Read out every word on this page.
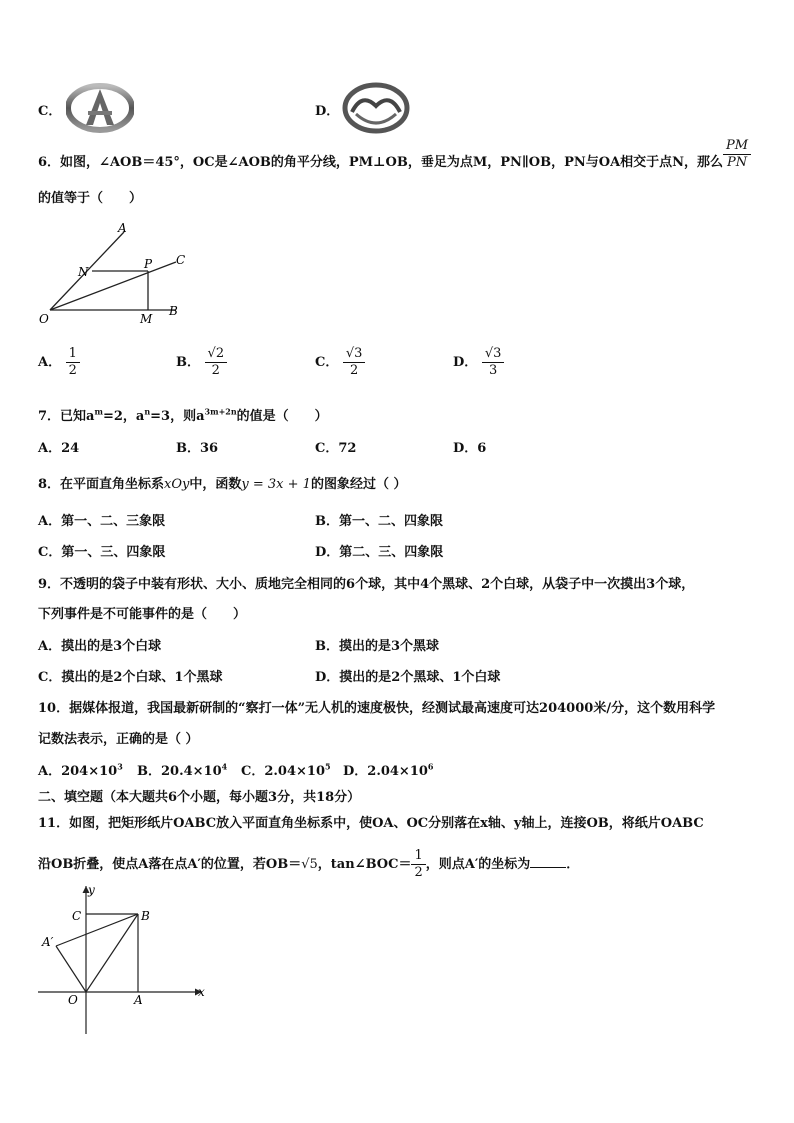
C．	D．
6．如图，∠AOB＝45°，OC是∠AOB的角平分线，PM⊥OB，垂足为点M，PN∥OB，PN与OA相交于点N，那么 $\frac{PM}{PN}$
的值等于（　　）
A
N
P C
O	M
B
A． $\frac{1}{2}$	B． $\frac{√2}{2}$	C． $\frac{√3}{2}$	D． $\frac{√3}{3}$
7．已知$a^m=2$，$a^n=3$，则$a^{3m+2n}$的值是（　　）
A．24	B．36	C．72	D．6
8．在平面直角坐标系xOy中，函数y = 3x + 1的图象经过（ ）
A．第一、二、三象限	B．第一、二、四象限
C．第一、三、四象限	D．第二、三、四象限
9．不透明的袋子中装有形状、大小、质地完全相同的6个球，其中4个黑球、2个白球，从袋子中一次摸出3个球，
下列事件是不可能事件的是（　　）
A．摸出的是3个白球	B．摸出的是3个黑球
C．摸出的是2个白球、1个黑球	D．摸出的是2个黑球、1个白球
10．据媒体报道，我国最新研制的“察打一体”无人机的速度极快，经测试最高速度可达204000米/分，这个数用科学
记数法表示，正确的是（ ）
A．$204\times 10^3$ B．$20.4\times 10^4$ C．$2.04\times 10^5$ D．$2.04\times 10^6$
二、填空题（本大题共6个小题，每小题3分，共18分）
11．如图，把矩形纸片OABC放入平面直角坐标系中，使OA、OC分别落在x轴、y轴上，连接OB，将纸片OABC
沿OB折叠，使点A落在点A′的位置，若OB＝√5，tan∠BOC＝ $\frac{1}{2}$ ，则点A′的坐标为	．
y
x
C	B
A′
O	A
